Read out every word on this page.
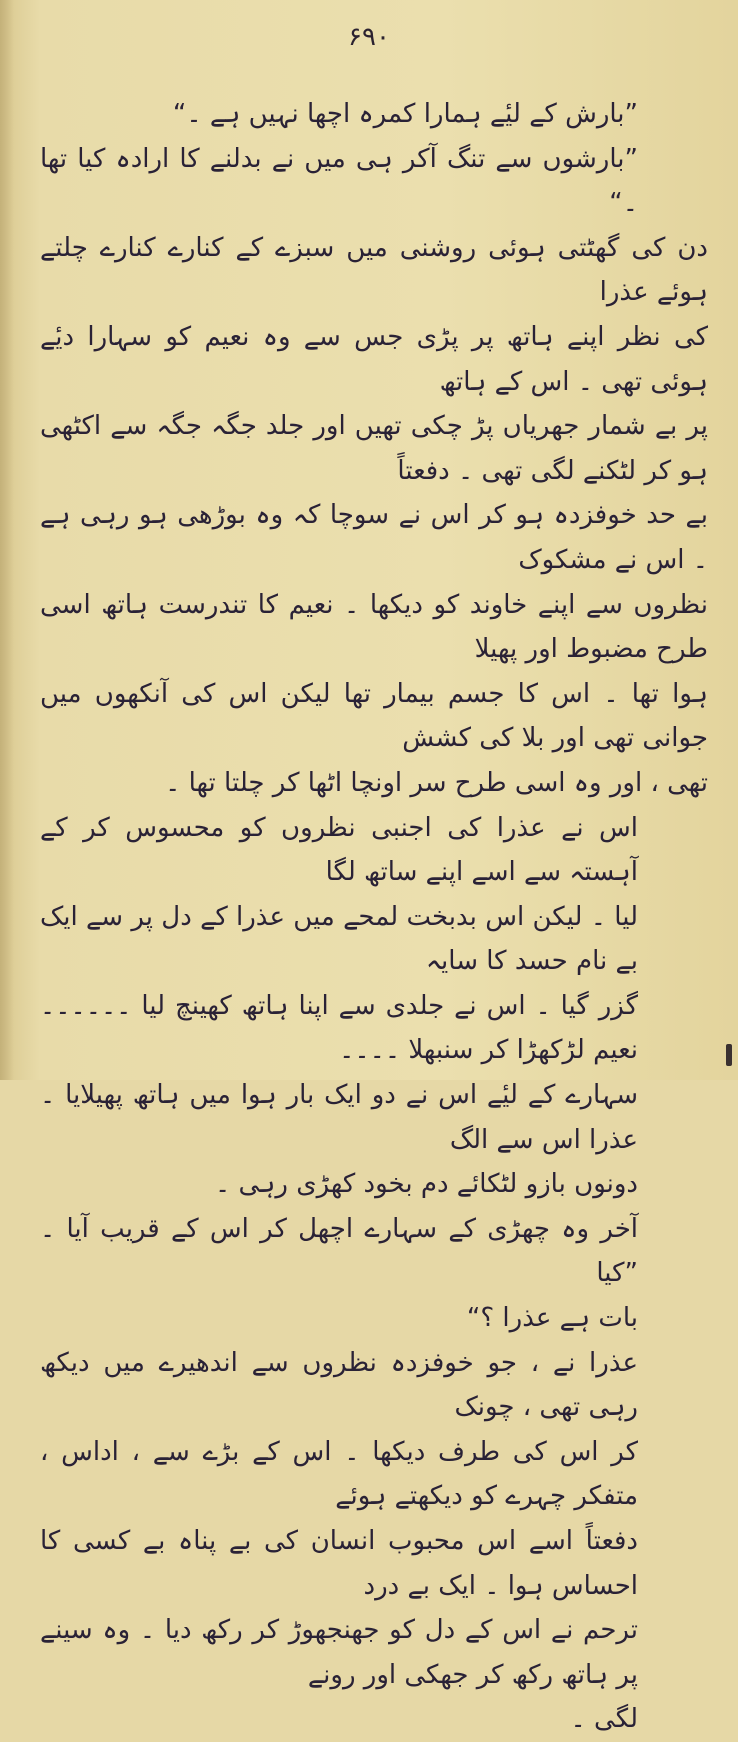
۶۹۰

”بارش کے لیٔے ہمارا کمرہ اچھا نہیں ہے ۔“

”بارشوں سے تنگ آکر ہی میں نے بدلنے کا ارادہ کیا تھا ۔“

دن کی گھٹتی ہوئی روشنی میں سبزے کے کنارے کنارے چلتے ہوئے عذرا
کی نظر اپنے ہاتھ پر پڑی جس سے وہ نعیم کو سہارا دیٔے ہوئی تھی ۔ اس کے ہاتھ
پر بے شمار جھریاں پڑ چکی تھیں اور جلد جگہ جگہ سے اکٹھی ہو کر لٹکنے لگی تھی ۔ دفعتاً
بے حد خوفزدہ ہو کر اس نے سوچا کہ وہ بوڑھی ہو رہی ہے ۔ اس نے مشکوک
نظروں سے اپنے خاوند کو دیکھا ۔ نعیم کا تندرست ہاتھ اسی طرح مضبوط اور پھیلا
ہوا تھا ۔ اس کا جسم بیمار تھا لیکن اس کی آنکھوں میں جوانی تھی اور بلا کی کشش
تھی ، اور وہ اسی طرح سر اونچا اٹھا کر چلتا تھا ۔

اس نے عذرا کی اجنبی نظروں کو محسوس کر کے آہستہ سے اسے اپنے ساتھ لگا
لیا ۔ لیکن اس بدبخت لمحے میں عذرا کے دل پر سے ایک بے نام حسد کا سایہ
گزر گیا ۔ اس نے جلدی سے اپنا ہاتھ کھینچ لیا ۔۔۔۔۔۔ نعیم لڑکھڑا کر سنبھلا ۔۔۔۔
سہارے کے لیٔے اس نے دو ایک بار ہوا میں ہاتھ پھیلایا ۔ عذرا اس سے الگ
دونوں بازو لٹکائے دم بخود کھڑی رہی ۔

آخر وہ چھڑی کے سہارے اچھل کر اس کے قریب آیا ۔ ”کیا
بات ہے عذرا ؟“

عذرا نے ، جو خوفزدہ نظروں سے اندھیرے میں دیکھ رہی تھی ، چونک
کر اس کی طرف دیکھا ۔ اس کے بڑے سے ، اداس ، متفکر چہرے کو دیکھتے ہوئے
دفعتاً اسے اس محبوب انسان کی بے پناہ بے کسی کا احساس ہوا ۔ ایک بے درد
ترحم نے اس کے دل کو جھنجھوڑ کر رکھ دیا ۔ وہ سینے پر ہاتھ رکھ کر جھکی اور رونے
لگی ۔
